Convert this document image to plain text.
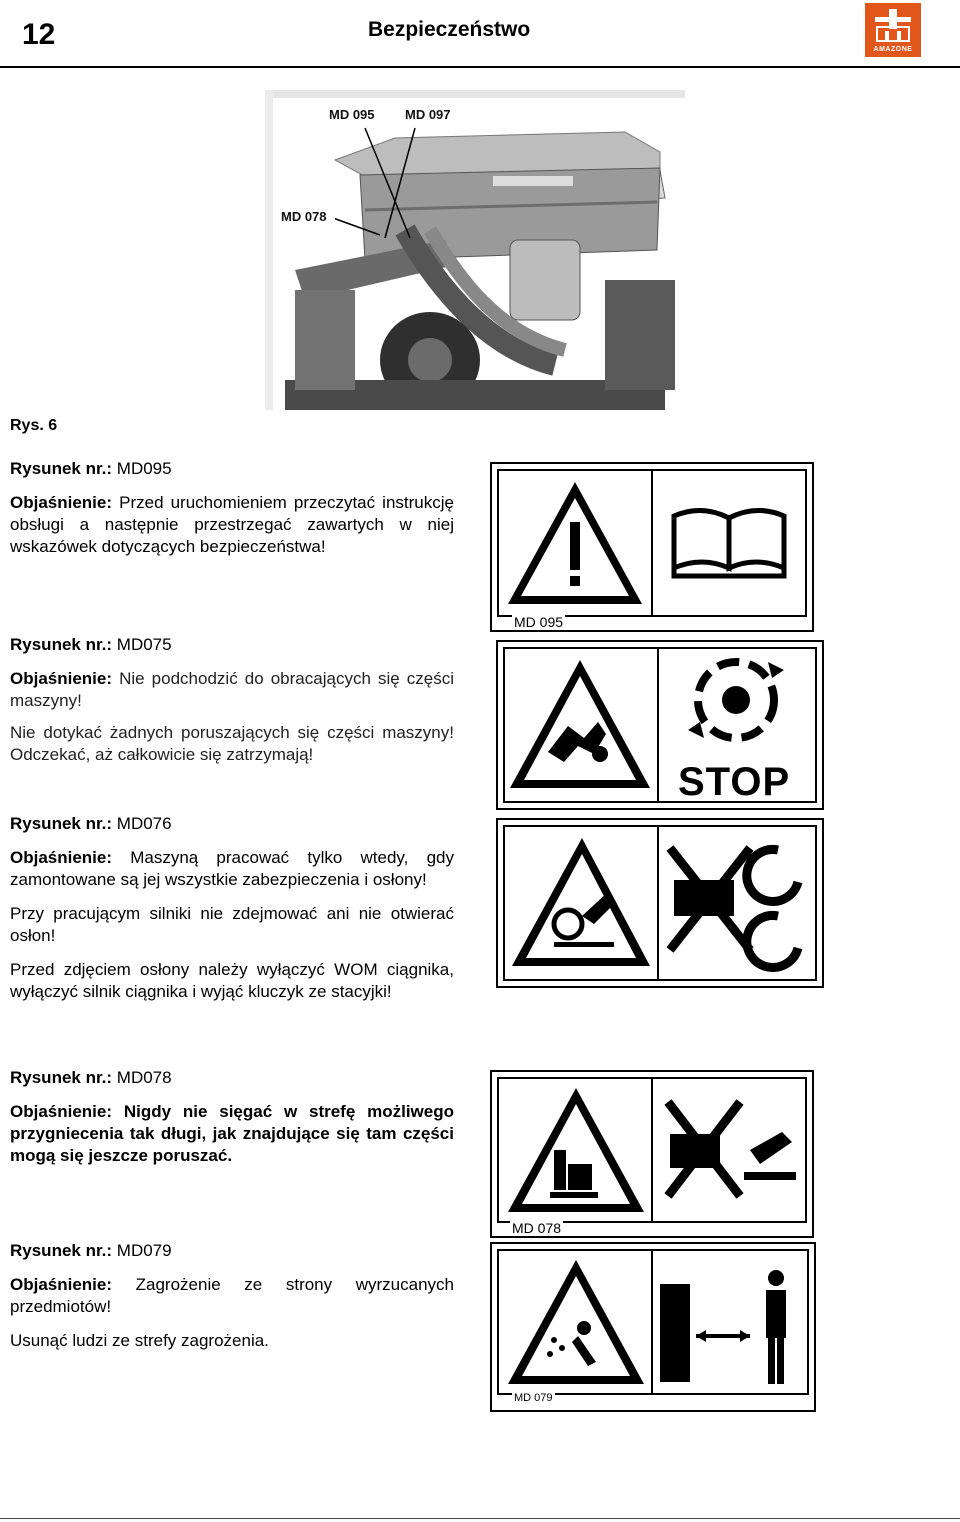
12	Bezpieczeństwo
AMAZONE
MD 095 MD 097
MD 078
Rys. 6
Rysunek nr.: MD095

Objaśnienie: Przed uruchomieniem przeczytać instrukcję obsługi a następnie przestrzegać zawartych w niej wskazówek dotyczących bezpieczeństwa!

Rysunek nr.: MD075

Objaśnienie: Nie podchodzić do obracających się części maszyny!

Nie dotykać żadnych poruszających się części maszyny! Odczekać, aż całkowicie się zatrzymają!

Rysunek nr.: MD076

Objaśnienie: Maszyną pracować tylko wtedy, gdy zamontowane są jej wszystkie zabezpieczenia i osłony!

Przy pracującym silniki nie zdejmować ani nie otwierać osłon!

Przed zdjęciem osłony należy wyłączyć WOM ciągnika, wyłączyć silnik ciągnika i wyjąć kluczyk ze stacyjki!

Rysunek nr.: MD078

Objaśnienie: Nigdy nie sięgać w strefę możliwego przygniecenia tak długi, jak znajdujące się tam części mogą się jeszcze poruszać.

Rysunek nr.: MD079

Objaśnienie: Zagrożenie ze strony wyrzucanych przedmiotów!

Usunąć ludzi ze strefy zagrożenia.

MD 095
STOP
MD 078
MD 079
